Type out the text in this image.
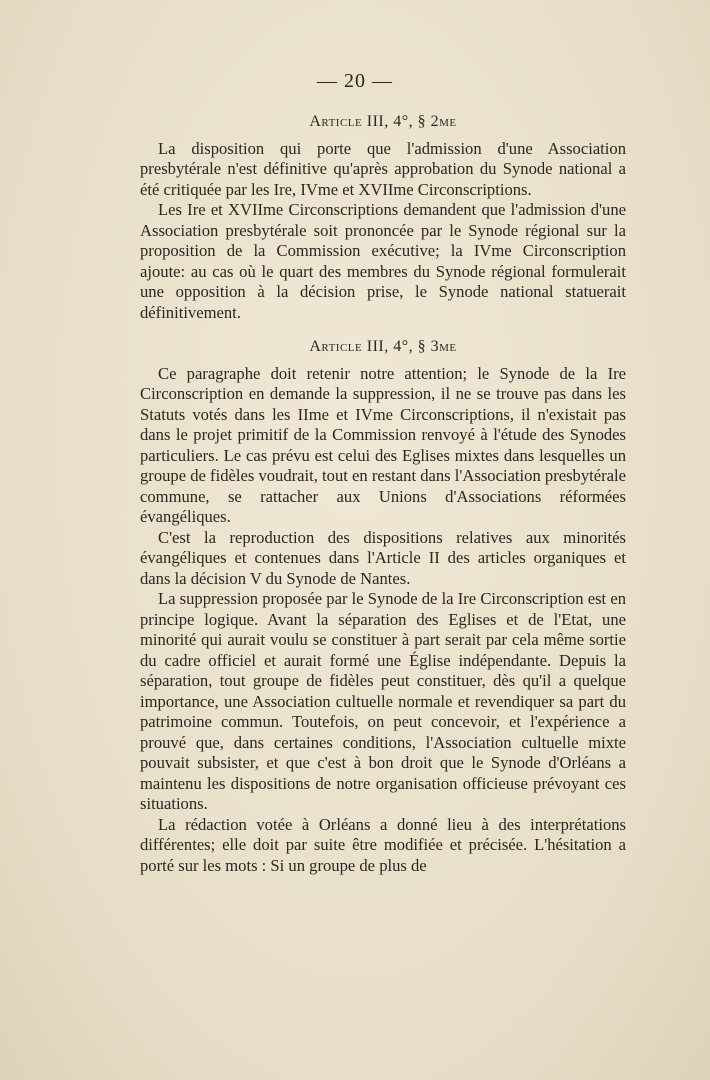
— 20 —
Article III, 4°, § 2me

La disposition qui porte que l'admission d'une Association presbytérale n'est définitive qu'après approbation du Synode national a été critiquée par les Ire, IVme et XVIIme Circonscriptions.

Les Ire et XVIIme Circonscriptions demandent que l'admission d'une Association presbytérale soit prononcée par le Synode régional sur la proposition de la Commission exécutive; la IVme Circonscription ajoute: au cas où le quart des membres du Synode régional formulerait une opposition à la décision prise, le Synode national statuerait définitivement.

Article III, 4°, § 3me

Ce paragraphe doit retenir notre attention; le Synode de la Ire Circonscription en demande la suppression, il ne se trouve pas dans les Statuts votés dans les IIme et IVme Circonscriptions, il n'existait pas dans le projet primitif de la Commission renvoyé à l'étude des Synodes particuliers. Le cas prévu est celui des Eglises mixtes dans lesquelles un groupe de fidèles voudrait, tout en restant dans l'Association presbytérale commune, se rattacher aux Unions d'Associations réformées évangéliques.

C'est la reproduction des dispositions relatives aux minorités évangéliques et contenues dans l'Article II des articles organiques et dans la décision V du Synode de Nantes.

La suppression proposée par le Synode de la Ire Circonscription est en principe logique. Avant la séparation des Eglises et de l'Etat, une minorité qui aurait voulu se constituer à part serait par cela même sortie du cadre officiel et aurait formé une Église indépendante. Depuis la séparation, tout groupe de fidèles peut constituer, dès qu'il a quelque importance, une Association cultuelle normale et revendiquer sa part du patrimoine commun. Toutefois, on peut concevoir, et l'expérience a prouvé que, dans certaines conditions, l'Association cultuelle mixte pouvait subsister, et que c'est à bon droit que le Synode d'Orléans a maintenu les dispositions de notre organisation officieuse prévoyant ces situations.

La rédaction votée à Orléans a donné lieu à des interprétations différentes; elle doit par suite être modifiée et précisée. L'hésitation a porté sur les mots : Si un groupe de plus de
